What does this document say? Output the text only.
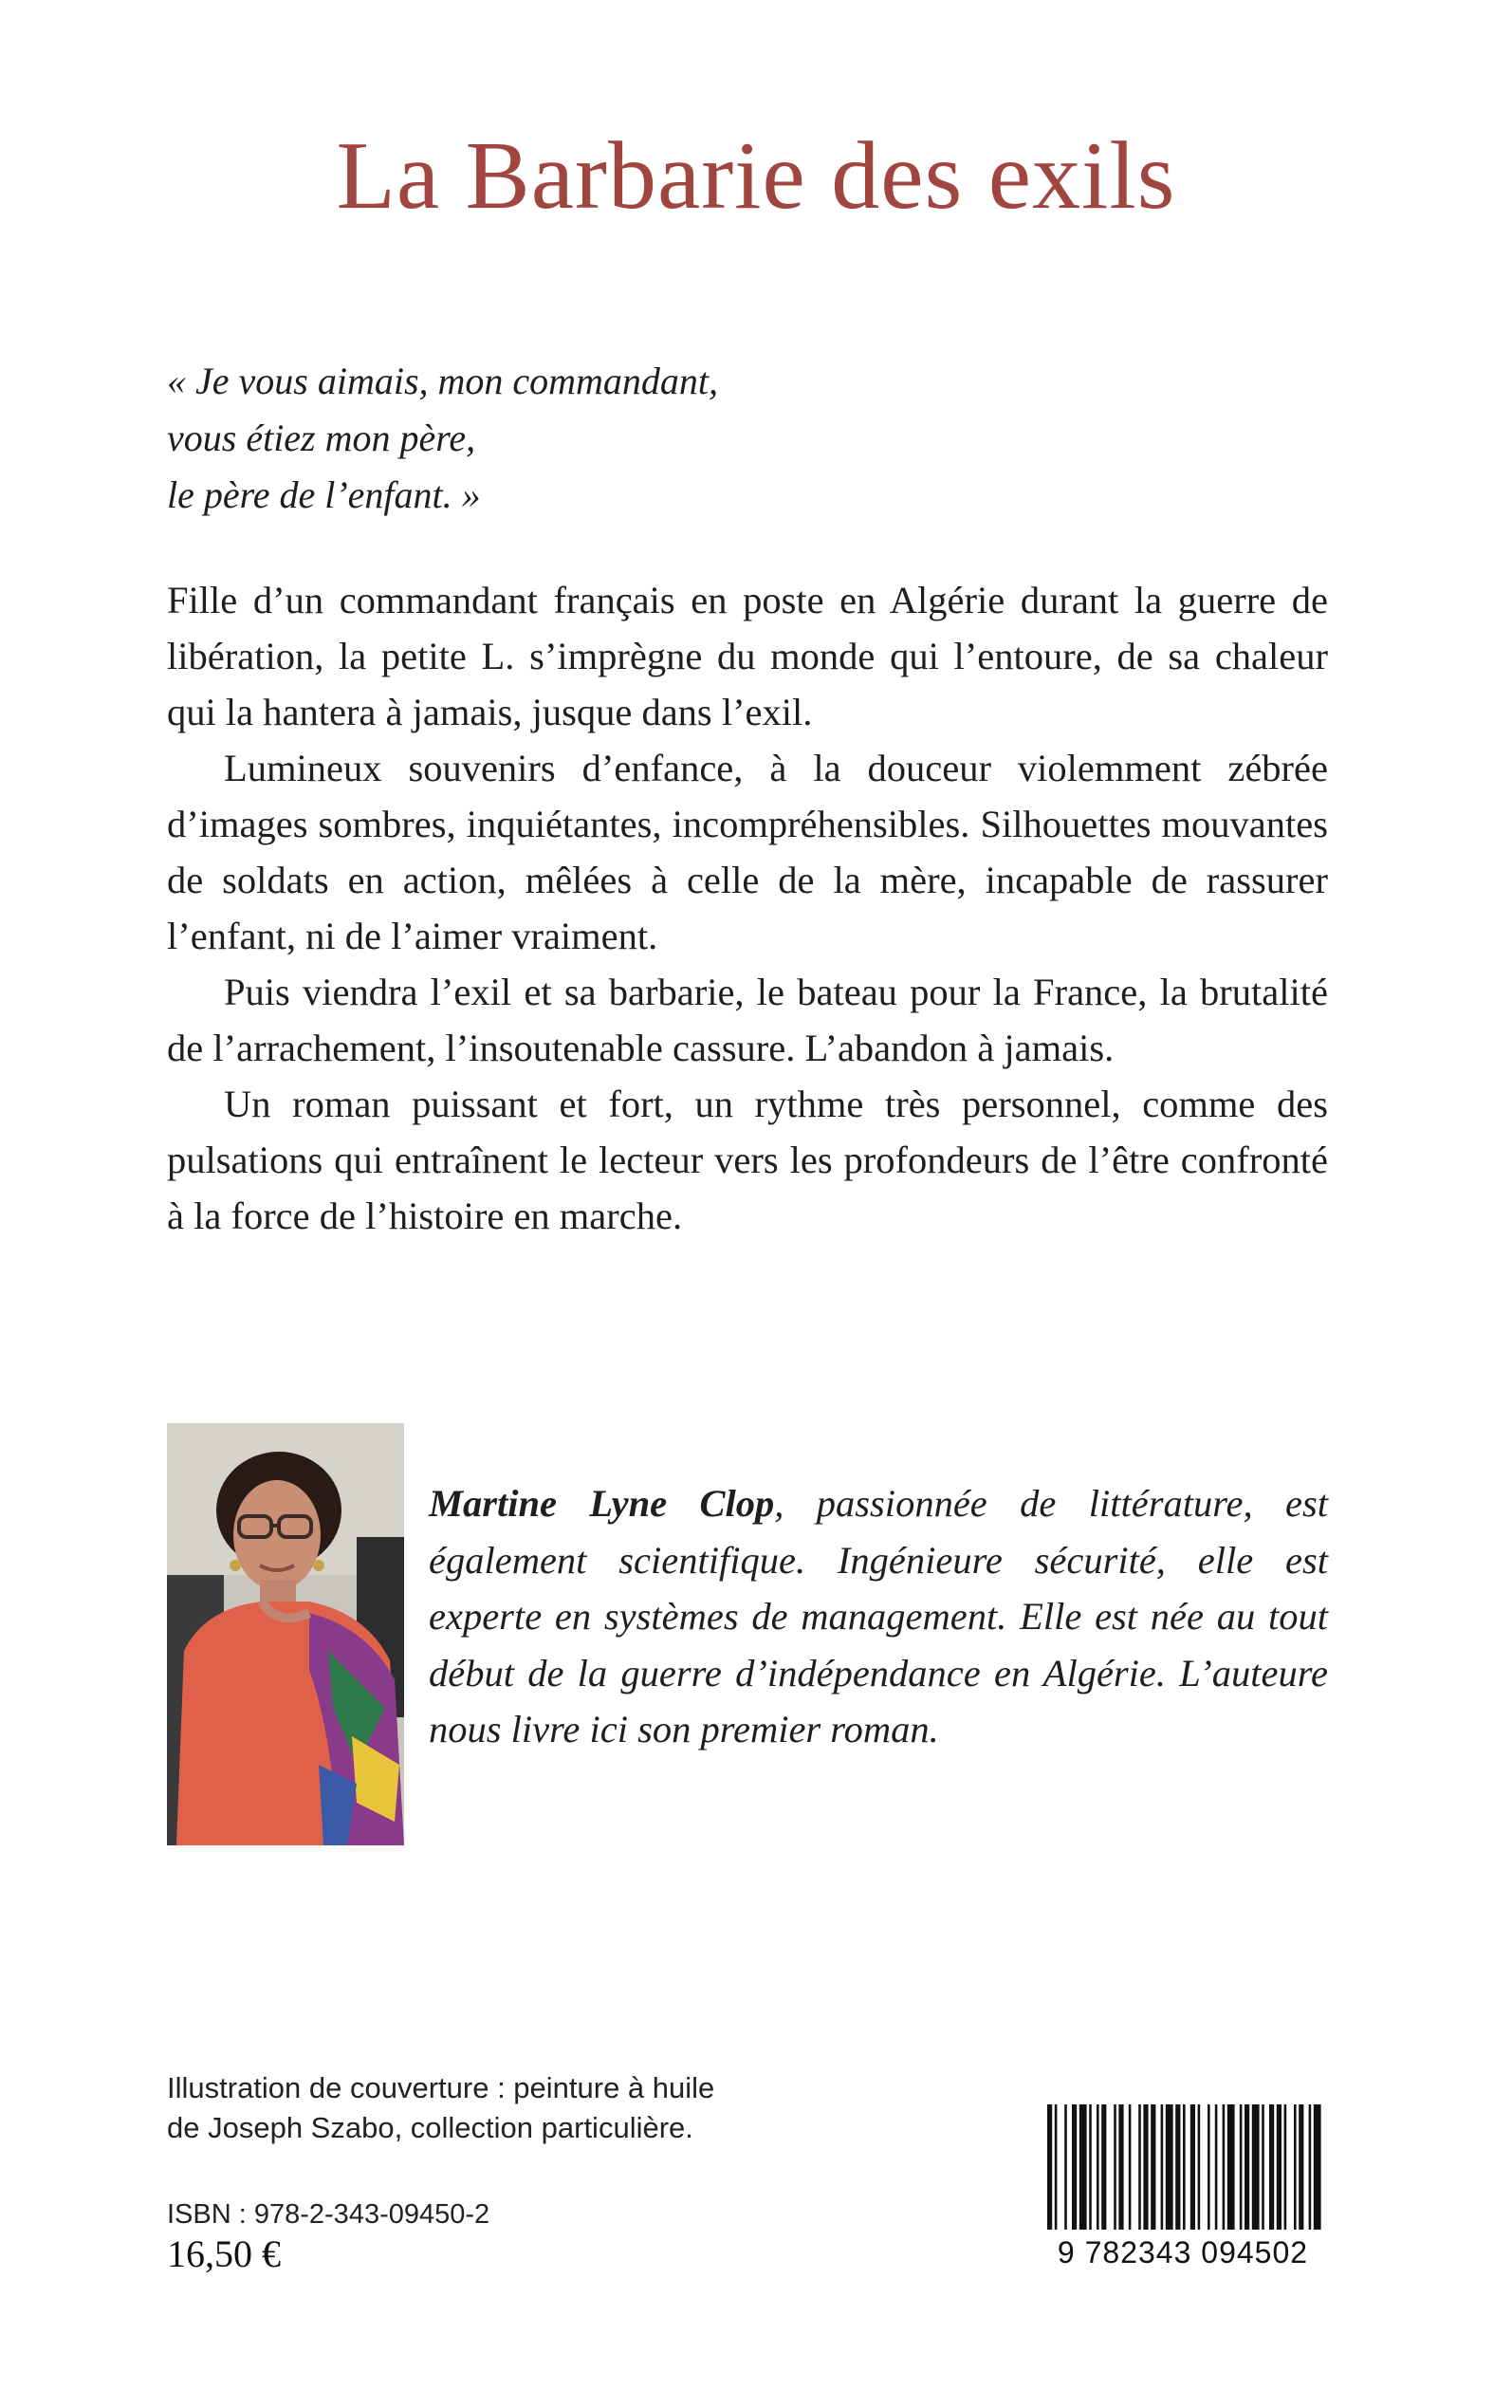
La Barbarie des exils
« Je vous aimais, mon commandant,
vous étiez mon père,
le père de l’enfant. »

Fille d’un commandant français en poste en Algérie durant la guerre de libération, la petite L. s’imprègne du monde qui l’entoure, de sa chaleur qui la hantera à jamais, jusque dans l’exil.

Lumineux souvenirs d’enfance, à la douceur violemment zébrée d’images sombres, inquiétantes, incompréhensibles. Silhouettes mouvantes de soldats en action, mêlées à celle de la mère, incapable de rassurer l’enfant, ni de l’aimer vraiment.

Puis viendra l’exil et sa barbarie, le bateau pour la France, la brutalité de l’arrachement, l’insoutenable cassure. L’abandon à jamais.

Un roman puissant et fort, un rythme très personnel, comme des pulsations qui entraînent le lecteur vers les profondeurs de l’être confronté à la force de l’histoire en marche.

Martine Lyne Clop, passionnée de littérature, est également scientifique. Ingénieure sécurité, elle est experte en systèmes de management. Elle est née au tout début de la guerre d’indépendance en Algérie. L’auteure nous livre ici son premier roman.

Illustration de couverture : peinture à huile
de Joseph Szabo, collection particulière.
ISBN : 978-2-343-09450-2
16,50 €	9 782343 094502
